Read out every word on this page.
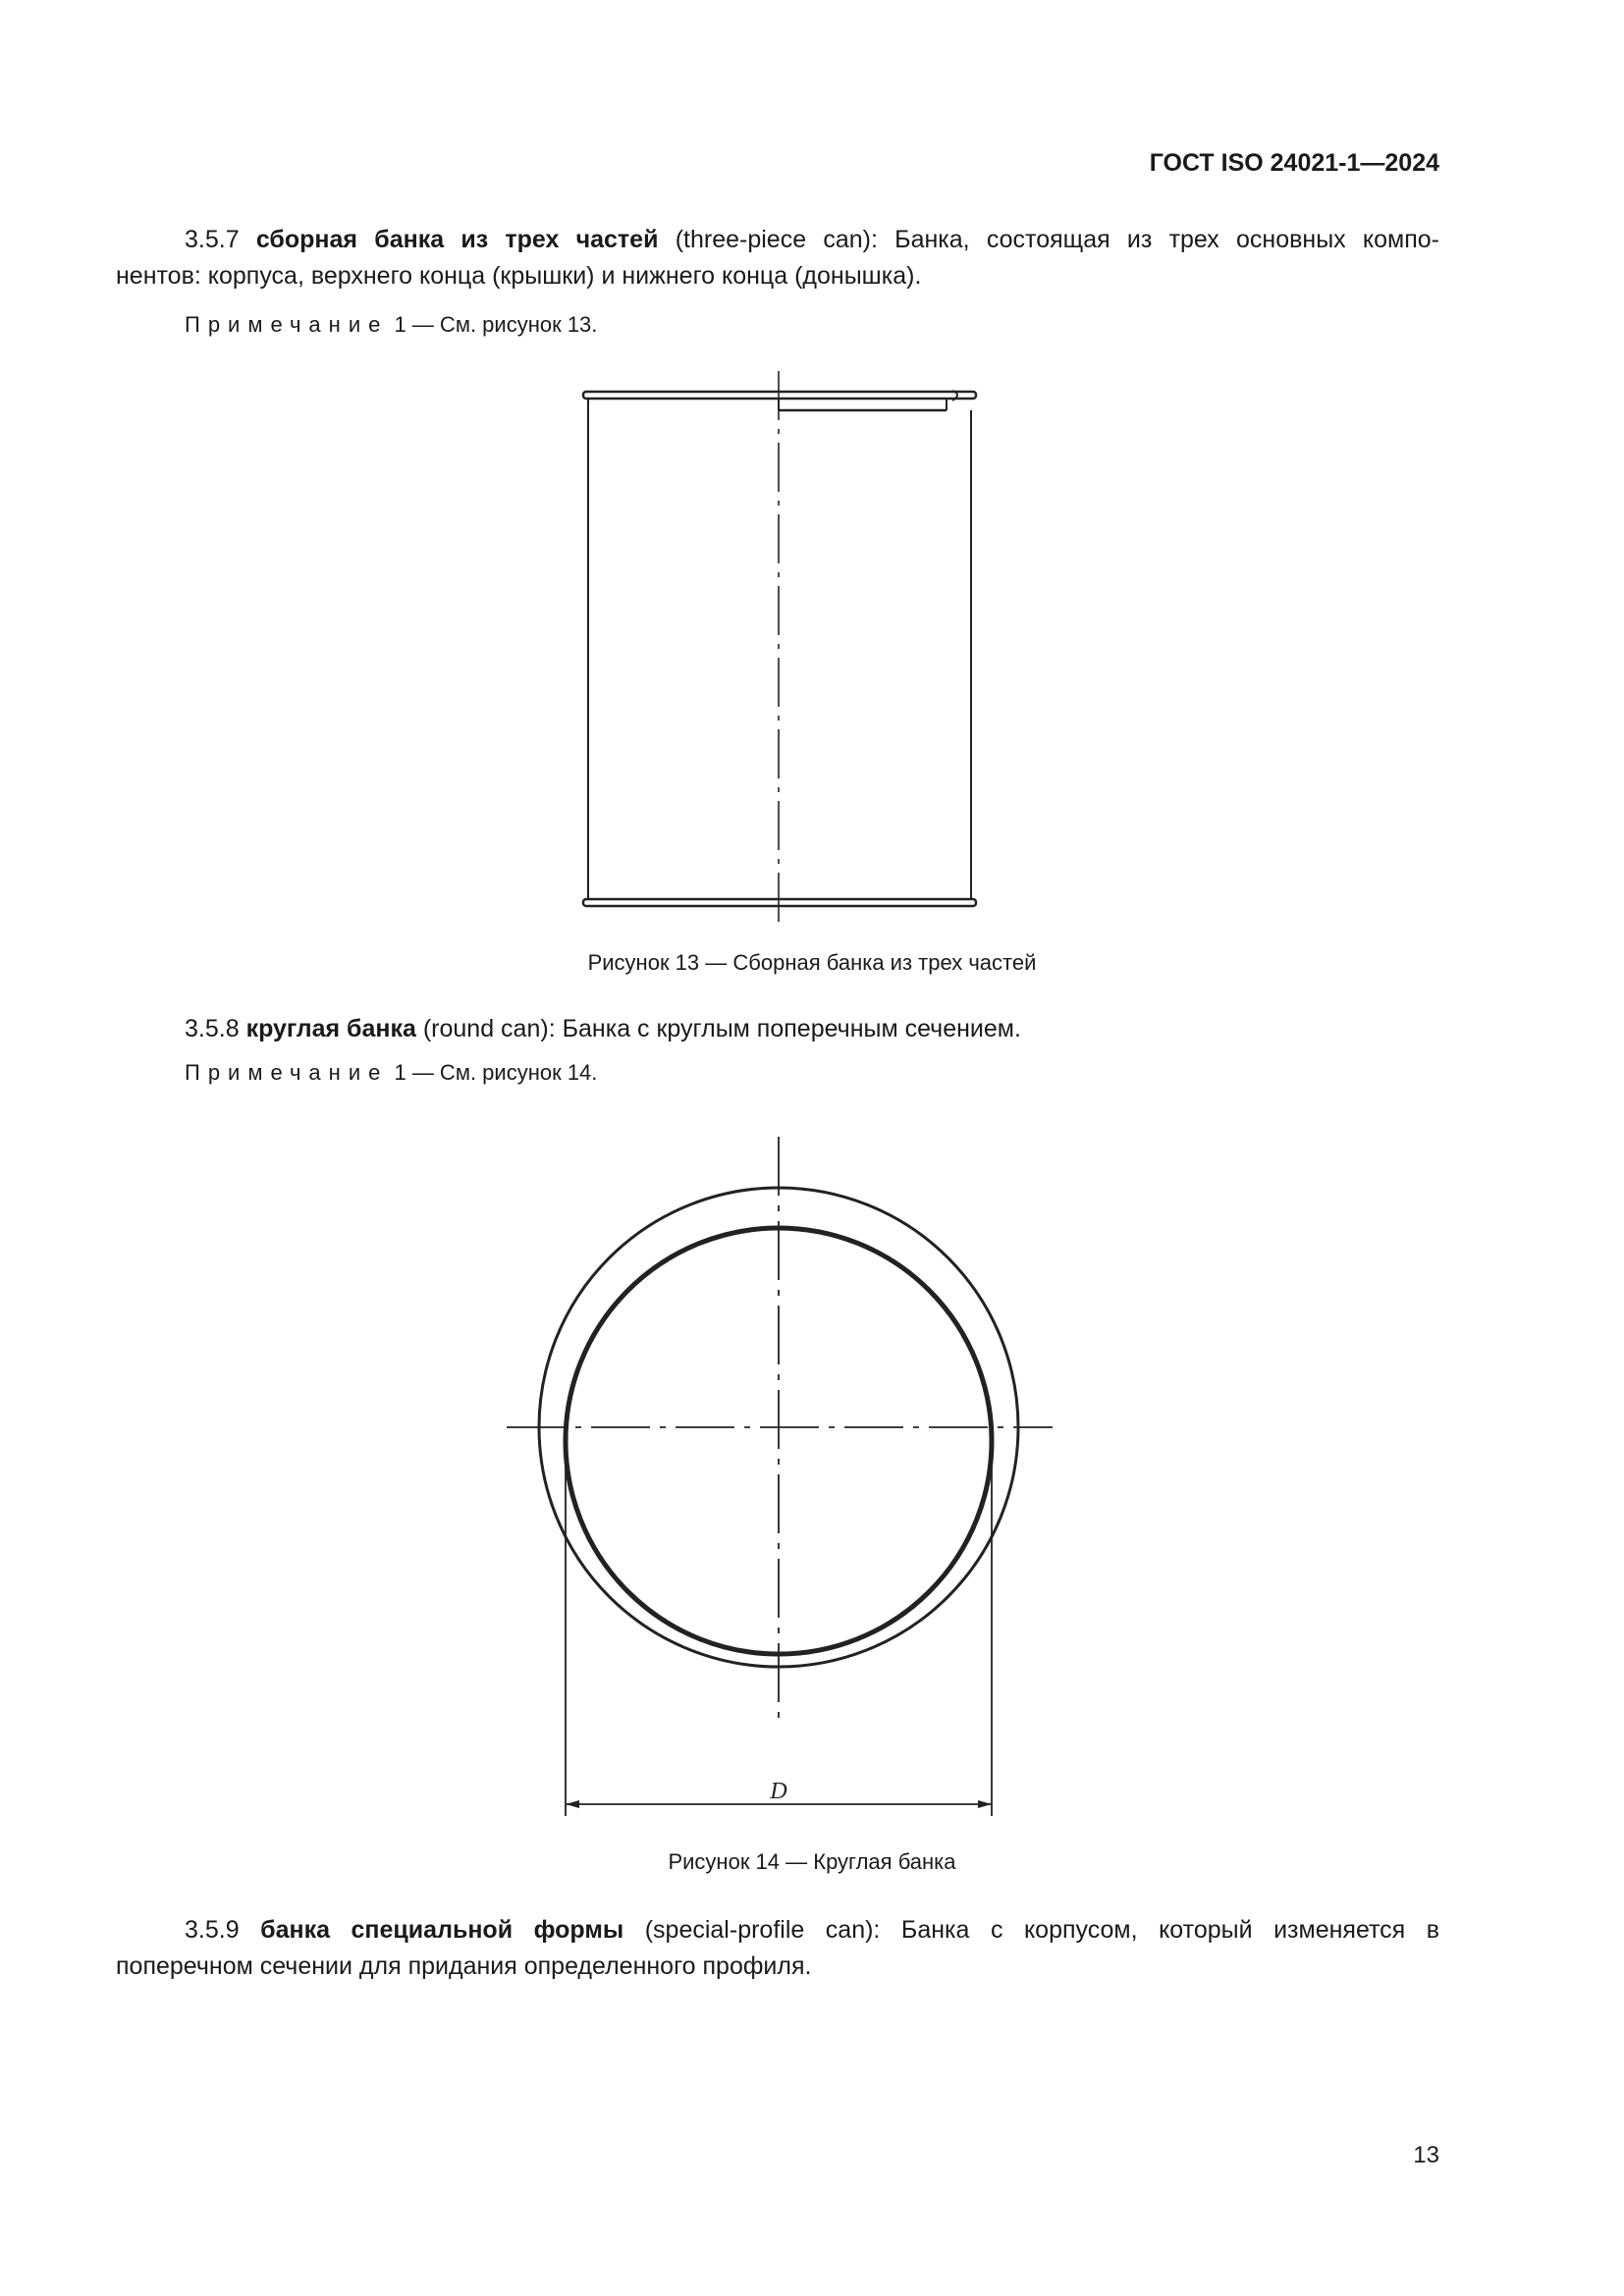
ГОСТ ISO 24021-1—2024
3.5.7 сборная банка из трех частей (three-piece can): Банка, состоящая из трех основных компо-
нентов: корпуса, верхнего конца (крышки) и нижнего конца (донышка).
Примечание 1 — См. рисунок 13.
Рисунок 13 — Сборная банка из трех частей
3.5.8 круглая банка (round can): Банка с круглым поперечным сечением.
Примечание 1 — См. рисунок 14.
D
Рисунок 14 — Круглая банка
3.5.9 банка специальной формы (special-profile can): Банка с корпусом, который изменяется в
поперечном сечении для придания определенного профиля.
13
